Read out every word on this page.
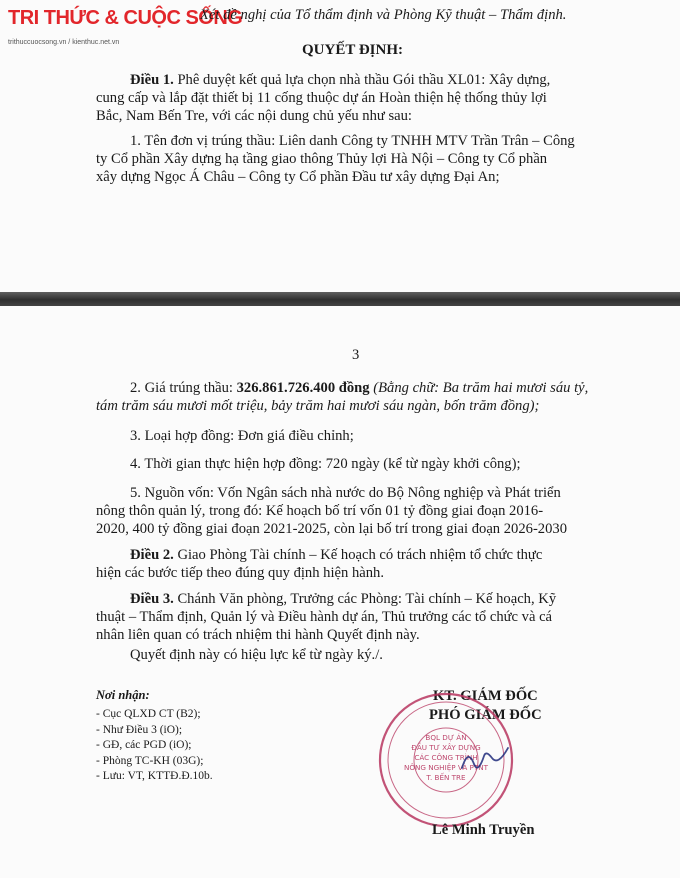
TRI THỨC & CUỘC SỐNG
trithuccuocsong.vn / kienthuc.net.vn
Xét đề nghị của Tổ thẩm định và Phòng Kỹ thuật – Thẩm định.
QUYẾT ĐỊNH:
Điều 1. Phê duyệt kết quả lựa chọn nhà thầu Gói thầu XL01: Xây dựng,
cung cấp và lắp đặt thiết bị 11 cống thuộc dự án Hoàn thiện hệ thống thủy lợi
Bắc, Nam Bến Tre, với các nội dung chủ yếu như sau:
1. Tên đơn vị trúng thầu: Liên danh Công ty TNHH MTV Trần Trân – Công
ty Cổ phần Xây dựng hạ tầng giao thông Thủy lợi Hà Nội – Công ty Cổ phần
xây dựng Ngọc Á Châu – Công ty Cổ phần Đầu tư xây dựng Đại An;
3
2. Giá trúng thầu: 326.861.726.400 đồng (Bằng chữ: Ba trăm hai mươi sáu tỷ,
tám trăm sáu mươi mốt triệu, bảy trăm hai mươi sáu ngàn, bốn trăm đồng);
3. Loại hợp đồng: Đơn giá điều chỉnh;
4. Thời gian thực hiện hợp đồng: 720 ngày (kể từ ngày khởi công);
5. Nguồn vốn: Vốn Ngân sách nhà nước do Bộ Nông nghiệp và Phát triển
nông thôn quản lý, trong đó: Kế hoạch bố trí vốn 01 tỷ đồng giai đoạn 2016-
2020, 400 tỷ đồng giai đoạn 2021-2025, còn lại bố trí trong giai đoạn 2026-2030
Điều 2. Giao Phòng Tài chính – Kế hoạch có trách nhiệm tổ chức thực
hiện các bước tiếp theo đúng quy định hiện hành.
Điều 3. Chánh Văn phòng, Trưởng các Phòng: Tài chính – Kế hoạch, Kỹ
thuật – Thẩm định, Quản lý và Điều hành dự án, Thủ trưởng các tổ chức và cá
nhân liên quan có trách nhiệm thi hành Quyết định này.
Quyết định này có hiệu lực kể từ ngày ký./.
Nơi nhận:
- Cục QLXD CT (B2);
- Như Điều 3 (iO);
- GĐ, các PGD (iO);
- Phòng TC-KH (03G);
- Lưu: VT, KTTĐ.Đ.10b.
KT. GIÁM ĐỐC
PHÓ GIÁM ĐỐC
BQL DỰ ÁN
ĐẦU TƯ XÂY DỰNG
CÁC CÔNG TRÌNH
NÔNG NGHIỆP VÀ PTNT
T. BẾN TRE
Lê Minh Truyền
